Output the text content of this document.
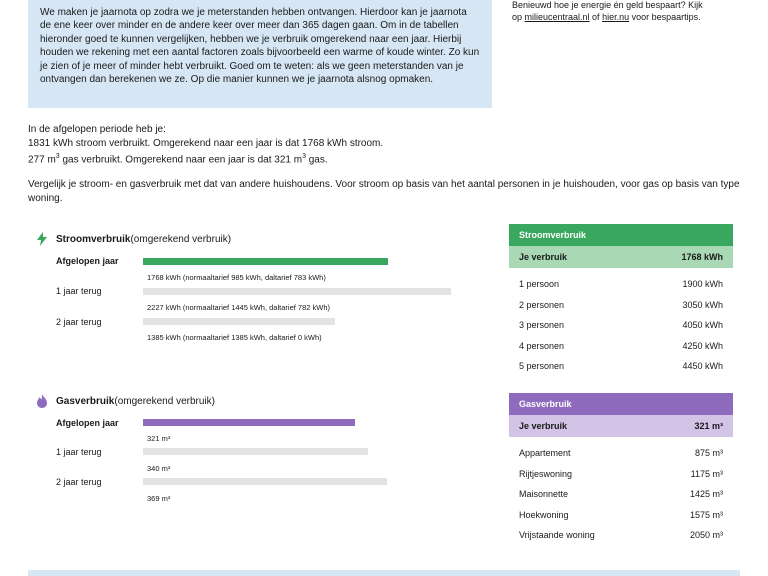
We maken je jaarnota op zodra we je meterstanden hebben ontvangen. Hierdoor kan je jaarnota de ene keer over minder en de andere keer over meer dan 365 dagen gaan. Om in de tabellen hieronder goed te kunnen vergelijken, hebben we je verbruik omgerekend naar een jaar. Hierbij houden we rekening met een aantal factoren zoals bijvoorbeeld een warme of koude winter. Zo kun je zien of je meer of minder hebt verbruikt. Goed om te weten: als we geen meterstanden van je ontvangen dan berekenen we ze. Op die manier kunnen we je jaarnota alsnog opmaken.
Benieuwd hoe je energie én geld bespaart? Kijk
op milieucentraal.nl of hier.nu voor bespaartips.
In de afgelopen periode heb je:
1831 kWh stroom verbruikt. Omgerekend naar een jaar is dat 1768 kWh stroom.
277 $m^3$ gas verbruikt. Omgerekend naar een jaar is dat 321 $m^3$ gas.
Vergelijk je stroom- en gasverbruik met dat van andere huishoudens. Voor stroom op basis van het aantal personen in je huishouden, voor gas op basis van type woning.
Stroomverbruik (omgerekend verbruik)
Afgelopen jaar
1 jaar terug
2 jaar terug
1768 kWh (normaaltarief 985 kWh, daltarief 783 kWh)
2227 kWh (normaaltarief 1445 kWh, daltarief 782 kWh)
1385 kWh (normaaltarief 1385 kWh, daltarief 0 kWh)
Stroomverbruik
Je verbruik	1768 kWh
1 persoon	1900 kWh
2 personen	3050 kWh
3 personen	4050 kWh
4 personen	4250 kWh
5 personen	4450 kWh
Gasverbruik (omgerekend verbruik)
Afgelopen jaar
1 jaar terug
2 jaar terug
321 m³
340 m³
369 m³
Gasverbruik
Je verbruik	321 m³
Appartement	875 m³
Rijtjeswoning	1175 m³
Maisonnette	1425 m³
Hoekwoning	1575 m³
Vrijstaande woning	2050 m³
